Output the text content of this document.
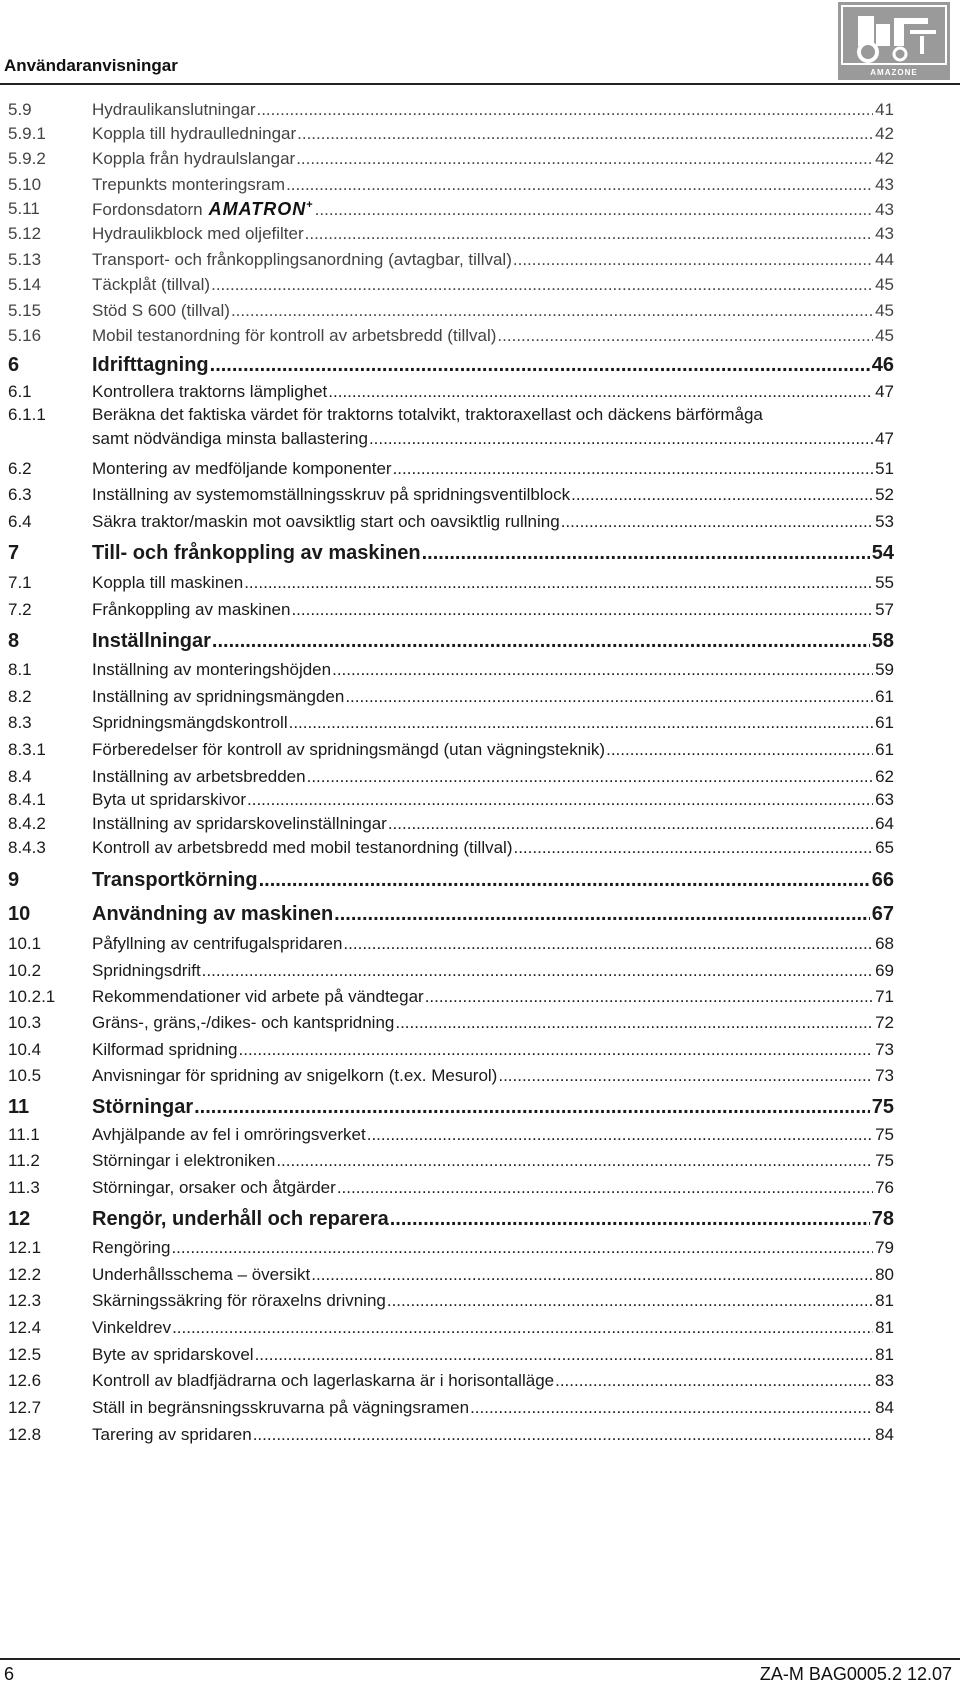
Användaranvisningar	AMAZONE
5.9	Hydraulikanslutningar .....	41
5.9.1	Koppla till hydraulledningar .....	42
5.9.2	Koppla från hydraulslangar .....	42
5.10	Trepunkts monteringsram .....	43
5.11	Fordonsdatorn AMATRON+ .....	43
5.12	Hydraulikblock med oljefilter .....	43
5.13	Transport- och frånkopplingsanordning (avtagbar, tillval) .....	44
5.14	Täckplåt (tillval) .....	45
5.15	Stöd S 600 (tillval) .....	45
5.16	Mobil testanordning för kontroll av arbetsbredd (tillval) .....	45
6	Idrifttagning .....	46
6.1	Kontrollera traktorns lämplighet .....	47
6.1.1	Beräkna det faktiska värdet för traktorns totalvikt, traktoraxellast och däckens bärförmåga
samt nödvändiga minsta ballastering .....	47
6.2	Montering av medföljande komponenter .....	51
6.3	Inställning av systemomställningsskruv på spridningsventilblock .....	52
6.4	Säkra traktor/maskin mot oavsiktlig start och oavsiktlig rullning .....	53
7	Till- och frånkoppling av maskinen .....	54
7.1	Koppla till maskinen .....	55
7.2	Frånkoppling av maskinen .....	57
8	Inställningar .....	58
8.1	Inställning av monteringshöjden .....	59
8.2	Inställning av spridningsmängden .....	61
8.3	Spridningsmängdskontroll .....	61
8.3.1	Förberedelser för kontroll av spridningsmängd (utan vägningsteknik) .....	61
8.4	Inställning av arbetsbredden .....	62
8.4.1	Byta ut spridarskivor .....	63
8.4.2	Inställning av spridarskovelinställningar .....	64
8.4.3	Kontroll av arbetsbredd med mobil testanordning (tillval) .....	65
9	Transportkörning .....	66
10	Användning av maskinen .....	67
10.1	Påfyllning av centrifugalspridaren .....	68
10.2	Spridningsdrift .....	69
10.2.1 Rekommendationer vid arbete på vändtegar .....	71
10.3	Gräns-, gräns,-/dikes- och kantspridning .....	72
10.4	Kilformad spridning .....	73
10.5	Anvisningar för spridning av snigelkorn (t.ex. Mesurol) .....	73
11	Störningar .....	75
11.1	Avhjälpande av fel i omröringsverket .....	75
11.2	Störningar i elektroniken .....	75
11.3	Störningar, orsaker och åtgärder .....	76
12	Rengör, underhåll och reparera .....	78
12.1	Rengöring .....	79
12.2	Underhållsschema – översikt .....	80
12.3	Skärningssäkring för röraxelns drivning .....	81
12.4	Vinkeldrev .....	81
12.5	Byte av spridarskovel .....	81
12.6	Kontroll av bladfjädrarna och lagerlaskarna är i horisontalläge .....	83
12.7	Ställ in begränsningsskruvarna på vägningsramen .....	84
12.8	Tarering av spridaren .....	84
6	ZA-M BAG0005.2 12.07
